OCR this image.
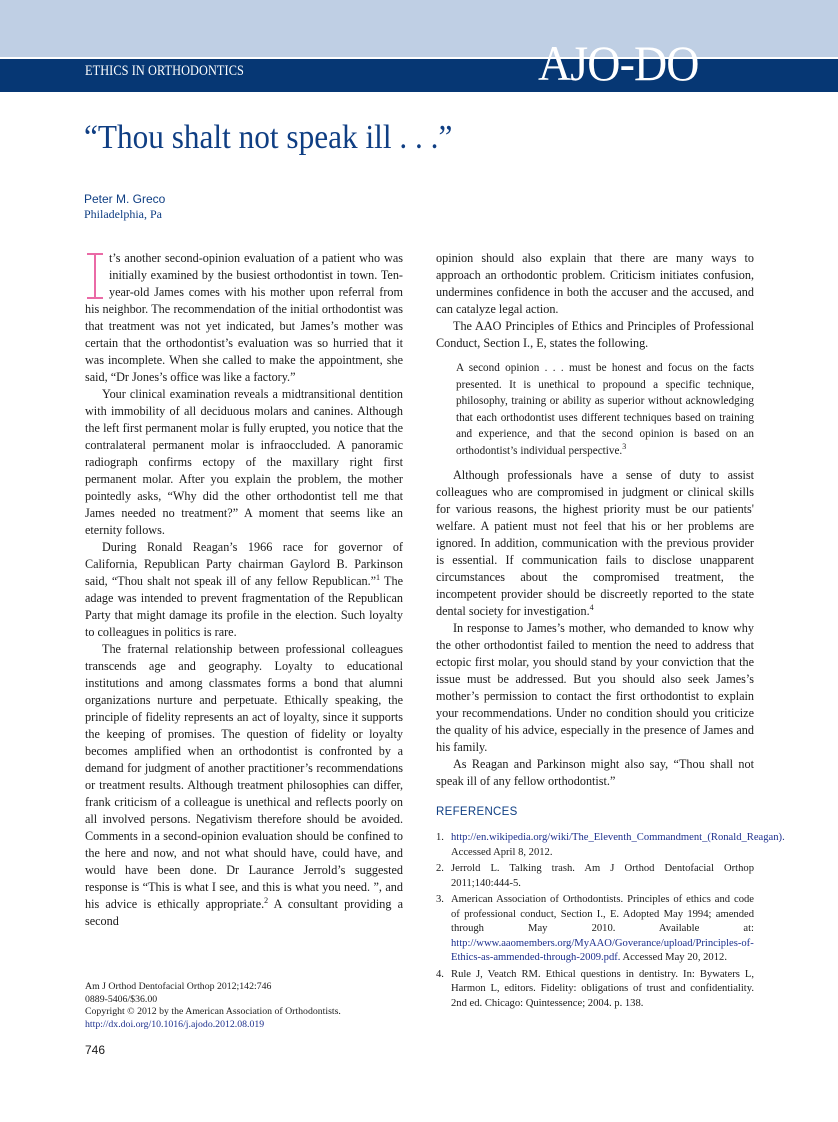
ETHICS IN ORTHODONTICS	AJO-DO
“Thou shalt not speak ill . . .”
Peter M. Greco
Philadelphia, Pa

t’s another second-opinion evaluation of a patient who was initially examined by the busiest orthodontist in town. Ten-year-old James comes with his mother upon referral from his neighbor. The recommendation of the initial orthodontist was that treatment was not yet indicated, but James’s mother was certain that the orthodontist’s evaluation was so hurried that it was incomplete. When she called to make the appointment, she said, “Dr Jones’s office was like a factory.”

Your clinical examination reveals a midtransitional dentition with immobility of all deciduous molars and canines. Although the left first permanent molar is fully erupted, you notice that the contralateral permanent molar is infraoccluded. A panoramic radiograph confirms ectopy of the maxillary right first permanent molar. After you explain the problem, the mother pointedly asks, “Why did the other orthodontist tell me that James needed no treatment?” A moment that seems like an eternity follows.

During Ronald Reagan’s 1966 race for governor of California, Republican Party chairman Gaylord B. Parkinson said, “Thou shalt not speak ill of any fellow Republican.”$^1$ The adage was intended to prevent fragmentation of the Republican Party that might damage its profile in the election. Such loyalty to colleagues in politics is rare.

The fraternal relationship between professional colleagues transcends age and geography. Loyalty to educational institutions and among classmates forms a bond that alumni organizations nurture and perpetuate. Ethically speaking, the principle of fidelity represents an act of loyalty, since it supports the keeping of promises. The question of fidelity or loyalty becomes amplified when an orthodontist is confronted by a demand for judgment of another practitioner’s recommendations or treatment results. Although treatment philosophies can differ, frank criticism of a colleague is unethical and reflects poorly on all involved persons. Negativism therefore should be avoided. Comments in a second-opinion evaluation should be confined to the here and now, and not what should have, could have, and would have been done. Dr Laurance Jerrold’s suggested response is “This is what I see, and this is what you need. ”, and his advice is ethically appropriate.$^2$ A consultant providing a second

opinion should also explain that there are many ways to approach an orthodontic problem. Criticism initiates confusion, undermines confidence in both the accuser and the accused, and can catalyze legal action.

The AAO Principles of Ethics and Principles of Professional Conduct, Section I., E, states the following.

A second opinion . . . must be honest and focus on the facts presented. It is unethical to propound a specific technique, philosophy, training or ability as superior without acknowledging that each orthodontist uses different techniques based on training and experience, and that the second opinion is based on an orthodontist’s individual perspective.$^3$

Although professionals have a sense of duty to assist colleagues who are compromised in judgment or clinical skills for various reasons, the highest priority must be our patients' welfare. A patient must not feel that his or her problems are ignored. In addition, communication with the previous provider is essential. If communication fails to disclose unapparent circumstances about the compromised treatment, the incompetent provider should be discreetly reported to the state dental society for investigation.$^4$

In response to James’s mother, who demanded to know why the other orthodontist failed to mention the need to address that ectopic first molar, you should stand by your conviction that the issue must be addressed. But you should also seek James’s mother’s permission to contact the first orthodontist to explain your recommendations. Under no condition should you criticize the quality of his advice, especially in the presence of James and his family.

As Reagan and Parkinson might also say, “Thou shall not speak ill of any fellow orthodontist.”

REFERENCES
1. http://en.wikipedia.org/wiki/The_Eleventh_Commandment_(Ronald_Reagan). Accessed April 8, 2012.
2. Jerrold L. Talking trash. Am J Orthod Dentofacial Orthop 2011;140:444-5.
3. American Association of Orthodontists. Principles of ethics and code of professional conduct, Section I., E. Adopted May 1994; amended through May 2010. Available at: http://www.aaomembers.org/MyAAO/Goverance/upload/Principles-of-Ethics-as-ammended-through-2009.pdf. Accessed May 20, 2012.
4. Rule J, Veatch RM. Ethical questions in dentistry. In: Bywaters L, Harmon L, editors. Fidelity: obligations of trust and confidentiality. 2nd ed. Chicago: Quintessence; 2004. p. 138.
Am J Orthod Dentofacial Orthop 2012;142:746
0889-5406/$36.00
Copyright © 2012 by the American Association of Orthodontists.
http://dx.doi.org/10.1016/j.ajodo.2012.08.019
746
